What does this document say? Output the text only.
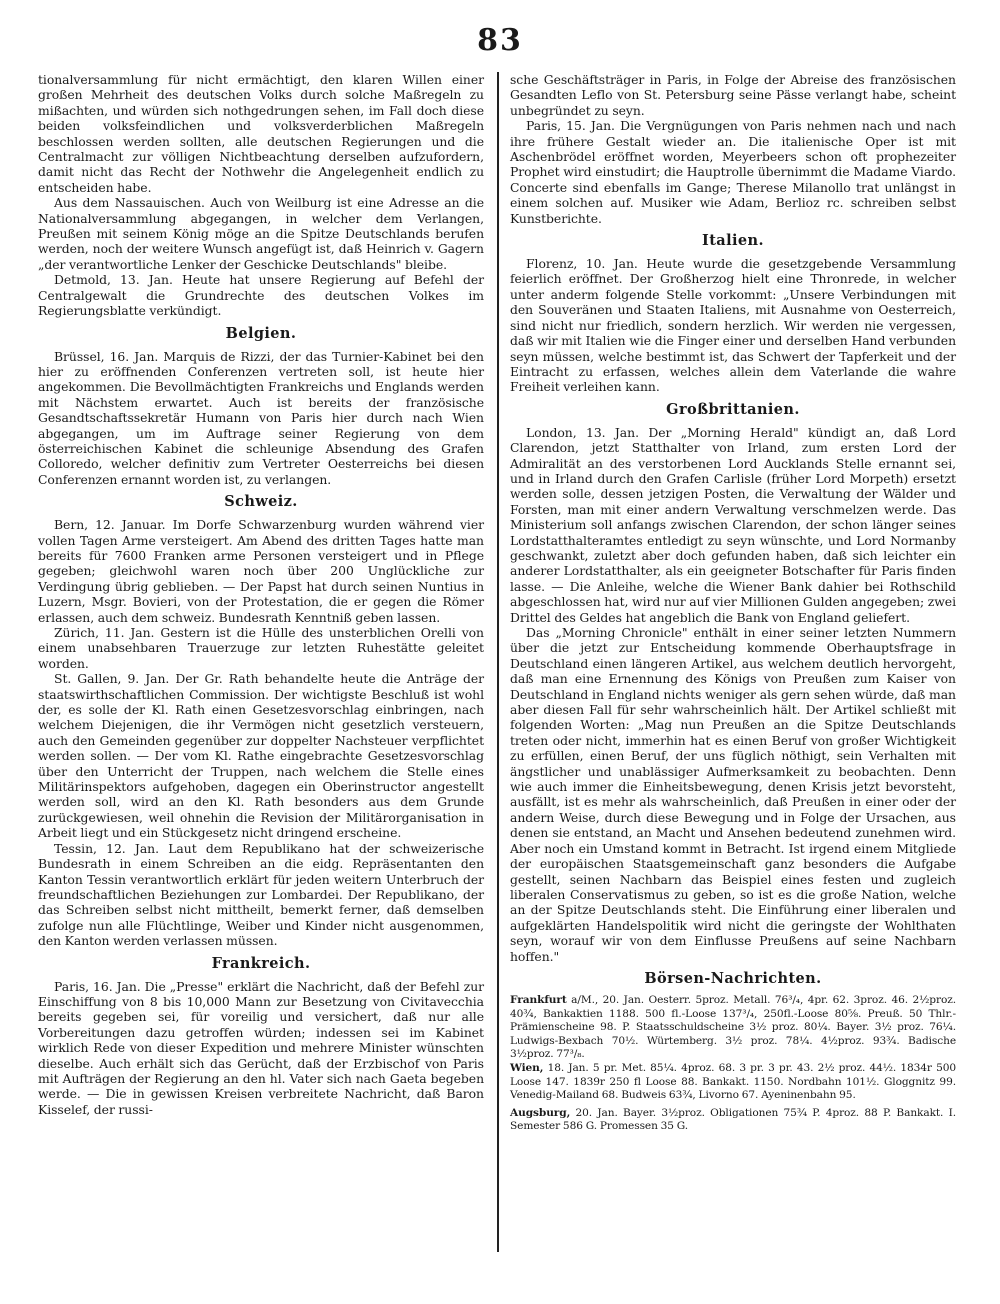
83

tionalversammlung für nicht ermächtigt, den klaren Willen einer großen Mehrheit des deutschen Volks durch solche Maßregeln zu mißachten, und würden sich nothgedrungen sehen, im Fall doch diese beiden volksfeindlichen und volksverderblichen Maßregeln beschlossen werden sollten, alle deutschen Regierungen und die Centralmacht zur völligen Nichtbeachtung derselben aufzufordern, damit nicht das Recht der Nothwehr die Angelegenheit endlich zu entscheiden habe.

Aus dem Nassauischen. Auch von Weilburg ist eine Adresse an die Nationalversammlung abgegangen, in welcher dem Verlangen, Preußen mit seinem König möge an die Spitze Deutschlands berufen werden, noch der weitere Wunsch angefügt ist, daß Heinrich v. Gagern „der verantwortliche Lenker der Geschicke Deutschlands" bleibe.

Detmold, 13. Jan. Heute hat unsere Regierung auf Befehl der Centralgewalt die Grundrechte des deutschen Volkes im Regierungsblatte verkündigt.

Belgien.

Brüssel, 16. Jan. Marquis de Rizzi, der das Turnier-Kabinet bei den hier zu eröffnenden Conferenzen vertreten soll, ist heute hier angekommen. Die Bevollmächtigten Frankreichs und Englands werden mit Nächstem erwartet. Auch ist bereits der französische Gesandtschaftssekretär Humann von Paris hier durch nach Wien abgegangen, um im Auftrage seiner Regierung von dem österreichischen Kabinet die schleunige Absendung des Grafen Colloredo, welcher definitiv zum Vertreter Oesterreichs bei diesen Conferenzen ernannt worden ist, zu verlangen.

Schweiz.

Bern, 12. Januar. Im Dorfe Schwarzenburg wurden während vier vollen Tagen Arme versteigert. Am Abend des dritten Tages hatte man bereits für 7600 Franken arme Personen versteigert und in Pflege gegeben; gleichwohl waren noch über 200 Unglückliche zur Verdingung übrig geblieben. — Der Papst hat durch seinen Nuntius in Luzern, Msgr. Bovieri, von der Protestation, die er gegen die Römer erlassen, auch dem schweiz. Bundesrath Kenntniß geben lassen.

Zürich, 11. Jan. Gestern ist die Hülle des unsterblichen Orelli von einem unabsehbaren Trauerzuge zur letzten Ruhestätte geleitet worden.

St. Gallen, 9. Jan. Der Gr. Rath behandelte heute die Anträge der staatswirthschaftlichen Commission. Der wichtigste Beschluß ist wohl der, es solle der Kl. Rath einen Gesetzesvorschlag einbringen, nach welchem Diejenigen, die ihr Vermögen nicht gesetzlich versteuern, auch den Gemeinden gegenüber zur doppelter Nachsteuer verpflichtet werden sollen. — Der vom Kl. Rathe eingebrachte Gesetzesvorschlag über den Unterricht der Truppen, nach welchem die Stelle eines Militärinspektors aufgehoben, dagegen ein Oberinstructor angestellt werden soll, wird an den Kl. Rath besonders aus dem Grunde zurückgewiesen, weil ohnehin die Revision der Militärorganisation in Arbeit liegt und ein Stückgesetz nicht dringend erscheine.

Tessin, 12. Jan. Laut dem Republikano hat der schweizerische Bundesrath in einem Schreiben an die eidg. Repräsentanten den Kanton Tessin verantwortlich erklärt für jeden weitern Unterbruch der freundschaftlichen Beziehungen zur Lombardei. Der Republikano, der das Schreiben selbst nicht mittheilt, bemerkt ferner, daß demselben zufolge nun alle Flüchtlinge, Weiber und Kinder nicht ausgenommen, den Kanton werden verlassen müssen.

Frankreich.

Paris, 16. Jan. Die „Presse" erklärt die Nachricht, daß der Befehl zur Einschiffung von 8 bis 10,000 Mann zur Besetzung von Civitavecchia bereits gegeben sei, für voreilig und versichert, daß nur alle Vorbereitungen dazu getroffen würden; indessen sei im Kabinet wirklich Rede von dieser Expedition und mehrere Minister wünschten dieselbe. Auch erhält sich das Gerücht, daß der Erzbischof von Paris mit Aufträgen der Regierung an den hl. Vater sich nach Gaeta begeben werde. — Die in gewissen Kreisen verbreitete Nachricht, daß Baron Kisselef, der russi-

sche Geschäftsträger in Paris, in Folge der Abreise des französischen Gesandten Leflo von St. Petersburg seine Pässe verlangt habe, scheint unbegründet zu seyn.

Paris, 15. Jan. Die Vergnügungen von Paris nehmen nach und nach ihre frühere Gestalt wieder an. Die italienische Oper ist mit Aschenbrödel eröffnet worden, Meyerbeers schon oft prophezeiter Prophet wird einstudirt; die Hauptrolle übernimmt die Madame Viardo. Concerte sind ebenfalls im Gange; Therese Milanollo trat unlängst in einem solchen auf. Musiker wie Adam, Berlioz rc. schreiben selbst Kunstberichte.

Italien.

Florenz, 10. Jan. Heute wurde die gesetzgebende Versammlung feierlich eröffnet. Der Großherzog hielt eine Thronrede, in welcher unter anderm folgende Stelle vorkommt: „Unsere Verbindungen mit den Souveränen und Staaten Italiens, mit Ausnahme von Oesterreich, sind nicht nur friedlich, sondern herzlich. Wir werden nie vergessen, daß wir mit Italien wie die Finger einer und derselben Hand verbunden seyn müssen, welche bestimmt ist, das Schwert der Tapferkeit und der Eintracht zu erfassen, welches allein dem Vaterlande die wahre Freiheit verleihen kann.

Großbrittanien.

London, 13. Jan. Der „Morning Herald" kündigt an, daß Lord Clarendon, jetzt Statthalter von Irland, zum ersten Lord der Admiralität an des verstorbenen Lord Aucklands Stelle ernannt sei, und in Irland durch den Grafen Carlisle (früher Lord Morpeth) ersetzt werden solle, dessen jetzigen Posten, die Verwaltung der Wälder und Forsten, man mit einer andern Verwaltung verschmelzen werde. Das Ministerium soll anfangs zwischen Clarendon, der schon länger seines Lordstatthalteramtes entledigt zu seyn wünschte, und Lord Normanby geschwankt, zuletzt aber doch gefunden haben, daß sich leichter ein anderer Lordstatthalter, als ein geeigneter Botschafter für Paris finden lasse. — Die Anleihe, welche die Wiener Bank dahier bei Rothschild abgeschlossen hat, wird nur auf vier Millionen Gulden angegeben; zwei Drittel des Geldes hat angeblich die Bank von England geliefert.

Das „Morning Chronicle" enthält in einer seiner letzten Nummern über die jetzt zur Entscheidung kommende Oberhauptsfrage in Deutschland einen längeren Artikel, aus welchem deutlich hervorgeht, daß man eine Ernennung des Königs von Preußen zum Kaiser von Deutschland in England nichts weniger als gern sehen würde, daß man aber diesen Fall für sehr wahrscheinlich hält. Der Artikel schließt mit folgenden Worten: „Mag nun Preußen an die Spitze Deutschlands treten oder nicht, immerhin hat es einen Beruf von großer Wichtigkeit zu erfüllen, einen Beruf, der uns füglich nöthigt, sein Verhalten mit ängstlicher und unablässiger Aufmerksamkeit zu beobachten. Denn wie auch immer die Einheitsbewegung, denen Krisis jetzt bevorsteht, ausfällt, ist es mehr als wahrscheinlich, daß Preußen in einer oder der andern Weise, durch diese Bewegung und in Folge der Ursachen, aus denen sie entstand, an Macht und Ansehen bedeutend zunehmen wird. Aber noch ein Umstand kommt in Betracht. Ist irgend einem Mitgliede der europäischen Staatsgemeinschaft ganz besonders die Aufgabe gestellt, seinen Nachbarn das Beispiel eines festen und zugleich liberalen Conservatismus zu geben, so ist es die große Nation, welche an der Spitze Deutschlands steht. Die Einführung einer liberalen und aufgeklärten Handelspolitik wird nicht die geringste der Wohlthaten seyn, worauf wir von dem Einflusse Preußens auf seine Nachbarn hoffen."

Börsen-Nachrichten.

Frankfurt a/M., 20. Jan. Oesterr. 5proz. Metall. 76³/₄, 4pr. 62. 3proz. 46. 2½proz. 40¾, Bankaktien 1188. 500 fl.-Loose 137³/₄, 250fl.-Loose 80⅝. Preuß. 50 Thlr.-Prämienscheine 98. P. Staatsschuldscheine 3½ proz. 80¼. Bayer. 3½ proz. 76¼. Ludwigs-Bexbach 70½. Würtemberg. 3½ proz. 78¼. 4½proz. 93¾. Badische 3½proz. 77³/₈.

Wien, 18. Jan. 5 pr. Met. 85¼. 4proz. 68. 3 pr. 3 pr. 43. 2½ proz. 44½. 1834r 500 Loose 147. 1839r 250 fl Loose 88. Bankakt. 1150. Nordbahn 101½. Gloggnitz 99. Venedig-Mailand 68. Budweis 63¾, Livorno 67. Ayeninenbahn 95.

Augsburg, 20. Jan. Bayer. 3½proz. Obligationen 75¾ P. 4proz. 88 P. Bankakt. I. Semester 586 G. Promessen 35 G.
